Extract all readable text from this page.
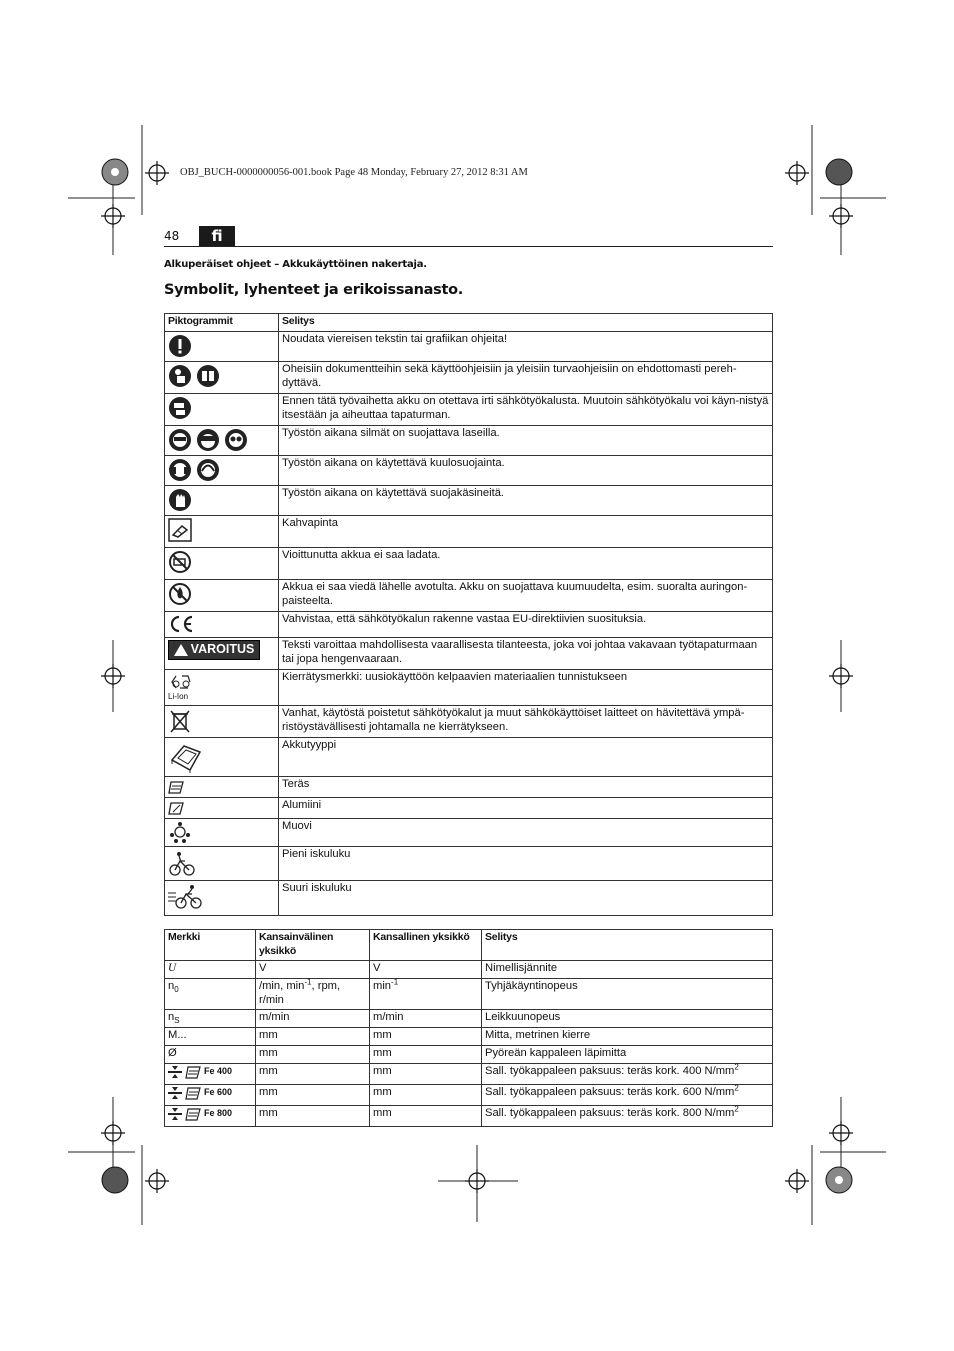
OBJ_BUCH-0000000056-001.book Page 48 Monday, February 27, 2012 8:31 AM
48	fi
Alkuperäiset ohjeet – Akkukäyttöinen nakertaja.
Symbolit, lyhenteet ja erikoissanasto.
Piktogrammit	Selitys

	Noudata viereisen tekstin tai grafiikan ohjeita!

	Oheisiin dokumentteihin sekä käyttöohjeisiin ja yleisiin turvaohjeisiin on ehdottomasti pereh-dyttävä.

	Ennen tätä työvaihetta akku on otettava irti sähkötyökalusta. Muutoin sähkötyökalu voi käyn-nistyä itsestään ja aiheuttaa tapaturman.

	Työstön aikana silmät on suojattava laseilla.

	Työstön aikana on käytettävä kuulosuojainta.

	Työstön aikana on käytettävä suojakäsineitä.

	Kahvapinta

	Vioittunutta akkua ei saa ladata.

	Akkua ei saa viedä lähelle avotulta. Akku on suojattava kuumuudelta, esim. suoralta auringon-paisteelta.

	Vahvistaa, että sähkötyökalun rakenne vastaa EU-direktiivien suosituksia.

VAROITUS	Teksti varoittaa mahdollisesta vaarallisesta tilanteesta, joka voi johtaa vakavaan työtapaturmaan tai jopa hengenvaaraan.

Li-Ion	Kierrätysmerkki: uusiokäyttöön kelpaavien materiaalien tunnistukseen

	Vanhat, käytöstä poistetut sähkötyökalut ja muut sähkökäyttöiset laitteet on hävitettävä ympä-ristöystävällisesti johtamalla ne kierrätykseen.

	Akkutyyppi

	Teräs

	Alumiini

	Muovi

	Pieni iskuluku

	Suuri iskuluku
Merkki	Kansainvälinen yksikkö	Kansallinen yksikkö	Selitys
U	V	V	Nimellisjännite
$n_0$	/min, $\min^{-1}$, rpm, r/min	$\min^{-1}$	Tyhjäkäyntinopeus
$n_S$	m/min	m/min	Leikkuunopeus
M...	mm	mm	Mitta, metrinen kierre
Ø	mm	mm	Pyöreän kappaleen läpimitta

Fe 400	mm	mm	Sall. työkappaleen paksuus: teräs kork. 400 $N/mm^2$

Fe 600	mm	mm	Sall. työkappaleen paksuus: teräs kork. 600 $N/mm^2$

Fe 800	mm	mm	Sall. työkappaleen paksuus: teräs kork. 800 $N/mm^2$
